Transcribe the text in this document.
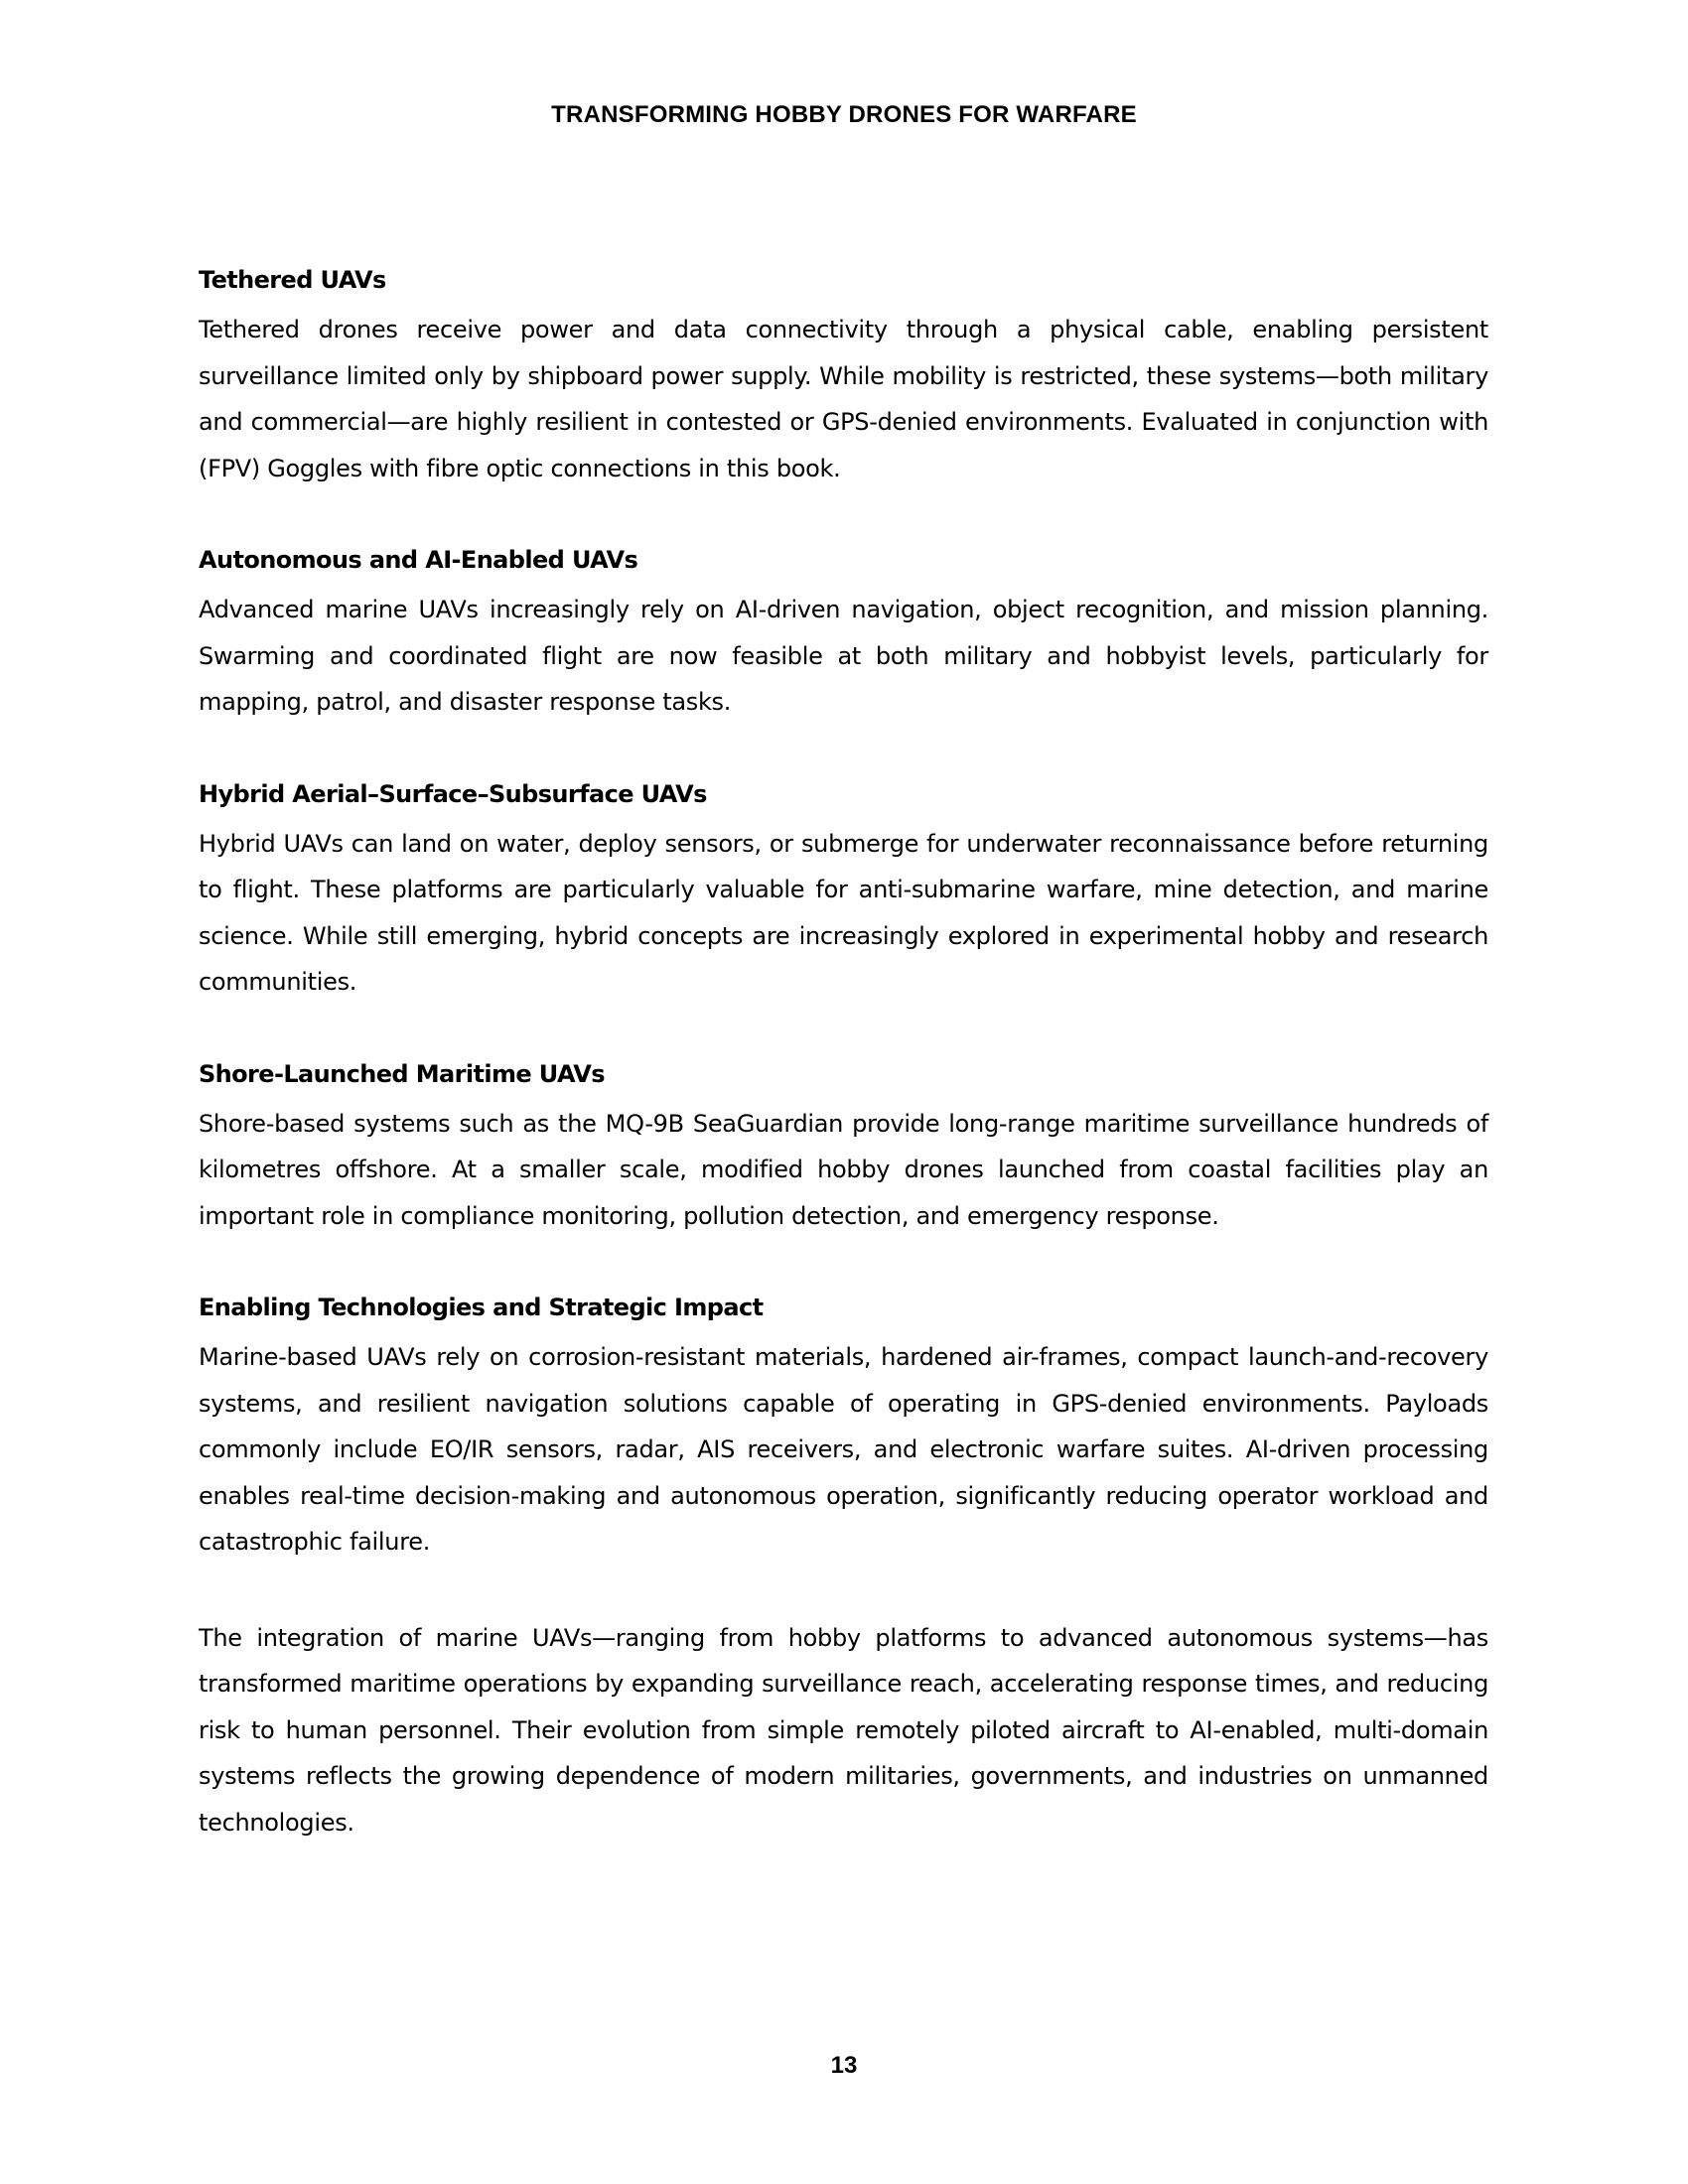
TRANSFORMING HOBBY DRONES FOR WARFARE
Tethered UAVs

Tethered drones receive power and data connectivity through a physical cable, enabling persistent surveillance limited only by shipboard power supply. While mobility is restricted, these systems—both military and commercial—are highly resilient in contested or GPS-denied environments. Evaluated in conjunction with (FPV) Goggles with fibre optic connections in this book.

Autonomous and AI-Enabled UAVs

Advanced marine UAVs increasingly rely on AI-driven navigation, object recognition, and mission planning. Swarming and coordinated flight are now feasible at both military and hobbyist levels, particularly for mapping, patrol, and disaster response tasks.

Hybrid Aerial–Surface–Subsurface UAVs

Hybrid UAVs can land on water, deploy sensors, or submerge for underwater reconnaissance before returning to flight. These platforms are particularly valuable for anti-submarine warfare, mine detection, and marine science. While still emerging, hybrid concepts are increasingly explored in experimental hobby and research communities.

Shore-Launched Maritime UAVs

Shore-based systems such as the MQ-9B SeaGuardian provide long-range maritime surveillance hundreds of kilometres offshore. At a smaller scale, modified hobby drones launched from coastal facilities play an important role in compliance monitoring, pollution detection, and emergency response.

Enabling Technologies and Strategic Impact

Marine-based UAVs rely on corrosion-resistant materials, hardened air-frames, compact launch-and-recovery systems, and resilient navigation solutions capable of operating in GPS-denied environments. Payloads commonly include EO/IR sensors, radar, AIS receivers, and electronic warfare suites. AI-driven processing enables real-time decision-making and autonomous operation, significantly reducing operator workload and catastrophic failure.

The integration of marine UAVs—ranging from hobby platforms to advanced autonomous systems—has transformed maritime operations by expanding surveillance reach, accelerating response times, and reducing risk to human personnel. Their evolution from simple remotely piloted aircraft to AI-enabled, multi-domain systems reflects the growing dependence of modern militaries, governments, and industries on unmanned technologies.

13
